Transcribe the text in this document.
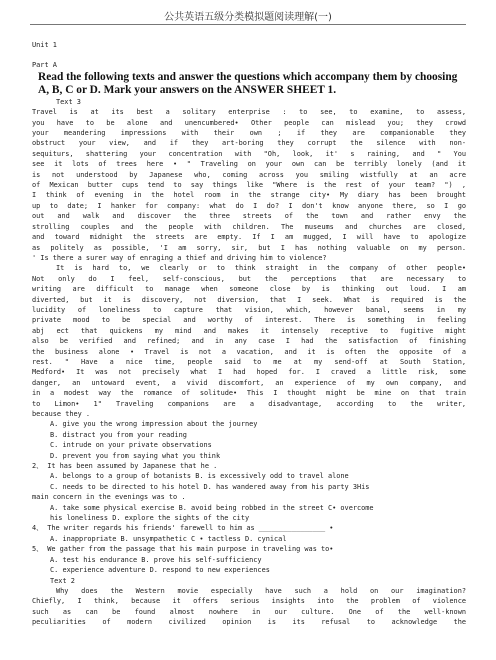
公共英语五级分类模拟题阅读理解(一)

Unit 1

Part A

Read the following texts and answer the questions which accompany them by choosing A, B, C or D. Mark your answers on the ANSWER SHEET 1.

Text 3

Travel is at its best a solitary enterprise : to see, to examine, to assess,

you have to be alone and unencumbered• Other people can mislead you; they crowd

your meandering impressions with their own ; if they are companionable they

obstruct your view, and if they art-boring they corrupt the silence with non-

sequiturs, shattering your concentration with "Oh, look, it' s raining, and " You

see it lots of trees here • " Traveling on your own can be terribly lonely (and it

is not understood by Japanese who, coming across you smiling wistfully at an acre

of Mexican butter cups tend to say things like "Where is the rest of your team? ") ,

I think of evening in the hotel room in the strange city• My diary has been brought

up to date; I hanker for company: what do I do? I don't know anyone there, so I go

out and walk and discover the three streets of the town and rather envy the

strolling couples and the people with children. The museums and churches are closed,

and toward midnight the streets are empty. If I am mugged, I will have to apologize

as politely as possible, 'I am sorry, sir, but I has nothing valuable on my person.

' Is there a surer way of enraging a thief and driving him to violence?

It is hard to, we clearly or to think straight in the company of other people•

Not only do I feel, self-conscious, but the perceptions that are necessary to

writing are difficult to manage when someone close by is thinking out loud. I am

diverted, but it is discovery, not diversion, that I seek. What is required is the

lucidity of loneliness to capture that vision, which, however banal, seems in my

private mood to be special and worthy of interest. There is something in feeling

abj ect that quickens my mind and makes it intensely receptive to fugitive might

also be verified and refined; and in any case I had the satisfaction of finishing

the business alone • Travel is not a vacation, and it is often the opposite of a

rest. " Have a nice time, people said to me at my send-off at South Station,

Medford• It was not precisely what I had hoped for. I craved a little risk, some

danger, an untoward event, a vivid discomfort, an experience of my own company, and

in a modest way the romance of solitude• This I thought might be mine on that train

to Limon• 1" Traveling companions are a disadvantage, according to the writer,

because they .

A. give you the wrong impression about the journey

B. distract you from your reading

C. intrude on your private observations

D. prevent you from saying what you think

2、 It has been assumed by Japanese that he .

A. belongs to a group of botanists B. is excessively odd to travel alone

C. needs to be directed to his hotel D. has wandered away from his party 3His

main concern in the evenings was to .

A. take some physical exercise B. avoid being robbed in the street C• overcome

his loneliness D. explore the sights of the city

4、 The writer regards his friends' farewell to him as ________________ •

A. inappropriate B. unsympathetic C • tactless D. cynical

5、 We gather from the passage that his main purpose in traveling was to•

A. test his endurance B. prove his self-sufficiency

C. experience adventure D. respond to new experiences

Text 2

Why does the Western movie especially have such a hold on our imagination?

Chiefly, I think, because it offers serious insights into the problem of violence

such as can be found almost nowhere in our culture. One of the well-known

peculiarities of modern civilized opinion is its refusal to acknowledge the
